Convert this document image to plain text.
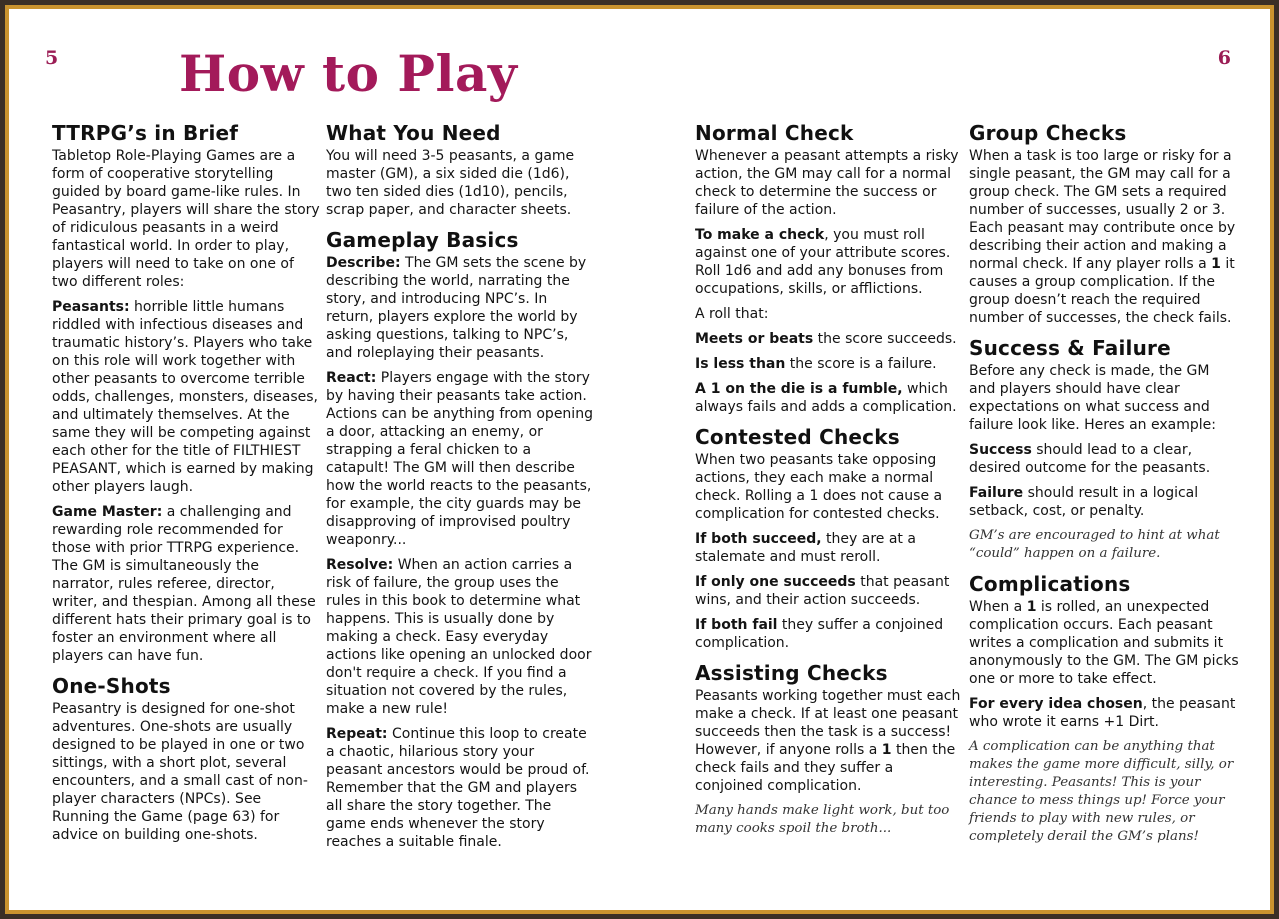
5	6
How to Play
TTRPG’s in Brief

Tabletop Role-Playing Games are a form of cooperative storytelling guided by board game-like rules. In Peasantry, players will share the story of ridiculous peasants in a weird fantastical world. In order to play, players will need to take on one of two different roles:

Peasants: horrible little humans riddled with infectious diseases and traumatic history’s. Players who take on this role will work together with other peasants to overcome terrible odds, challenges, monsters, diseases, and ultimately themselves. At the same they will be competing against each other for the title of FILTHIEST PEASANT, which is earned by making other players laugh.

Game Master: a challenging and rewarding role recommended for those with prior TTRPG experience. The GM is simultaneously the narrator, rules referee, director, writer, and thespian. Among all these different hats their primary goal is to foster an environment where all players can have fun.

One-Shots

Peasantry is designed for one-shot adventures. One-shots are usually designed to be played in one or two sittings, with a short plot, several encounters, and a small cast of non-player characters (NPCs). See Running the Game (page 63) for advice on building one-shots.

What You Need

You will need 3-5 peasants, a game master (GM), a six sided die (1d6), two ten sided dies (1d10), pencils, scrap paper, and character sheets.

Gameplay Basics

Describe: The GM sets the scene by describing the world, narrating the story, and introducing NPC’s. In return, players explore the world by asking questions, talking to NPC’s, and roleplaying their peasants.

React: Players engage with the story by having their peasants take action. Actions can be anything from opening a door, attacking an enemy, or strapping a feral chicken to a catapult! The GM will then describe how the world reacts to the peasants, for example, the city guards may be disapproving of improvised poultry weaponry...

Resolve: When an action carries a risk of failure, the group uses the rules in this book to determine what happens. This is usually done by making a check. Easy everyday actions like opening an unlocked door don't require a check. If you find a situation not covered by the rules, make a new rule!

Repeat: Continue this loop to create a chaotic, hilarious story your peasant ancestors would be proud of. Remember that the GM and players all share the story together. The game ends whenever the story reaches a suitable finale.

Normal Check

Whenever a peasant attempts a risky action, the GM may call for a normal check to determine the success or failure of the action.

To make a check, you must roll against one of your attribute scores. Roll 1d6 and add any bonuses from occupations, skills, or afflictions.

A roll that:

Meets or beats the score succeeds.

Is less than the score is a failure.

A 1 on the die is a fumble, which always fails and adds a complication.

Contested Checks

When two peasants take opposing actions, they each make a normal check. Rolling a 1 does not cause a complication for contested checks.

If both succeed, they are at a stalemate and must reroll.

If only one succeeds that peasant wins, and their action succeeds.

If both fail they suffer a conjoined complication.

Assisting Checks

Peasants working together must each make a check. If at least one peasant succeeds then the task is a success! However, if anyone rolls a 1 then the check fails and they suffer a conjoined complication.

Many hands make light work, but too many cooks spoil the broth...

Group Checks

When a task is too large or risky for a single peasant, the GM may call for a group check. The GM sets a required number of successes, usually 2 or 3. Each peasant may contribute once by describing their action and making a normal check. If any player rolls a 1 it causes a group complication. If the group doesn’t reach the required number of successes, the check fails.

Success & Failure

Before any check is made, the GM and players should have clear expectations on what success and failure look like. Heres an example:

Success should lead to a clear, desired outcome for the peasants.

Failure should result in a logical setback, cost, or penalty.

GM’s are encouraged to hint at what “could” happen on a failure.

Complications

When a 1 is rolled, an unexpected complication occurs. Each peasant writes a complication and submits it anonymously to the GM. The GM picks one or more to take effect.

For every idea chosen, the peasant who wrote it earns +1 Dirt.

A complication can be anything that makes the game more difficult, silly, or interesting. Peasants! This is your chance to mess things up! Force your friends to play with new rules, or completely derail the GM’s plans!
